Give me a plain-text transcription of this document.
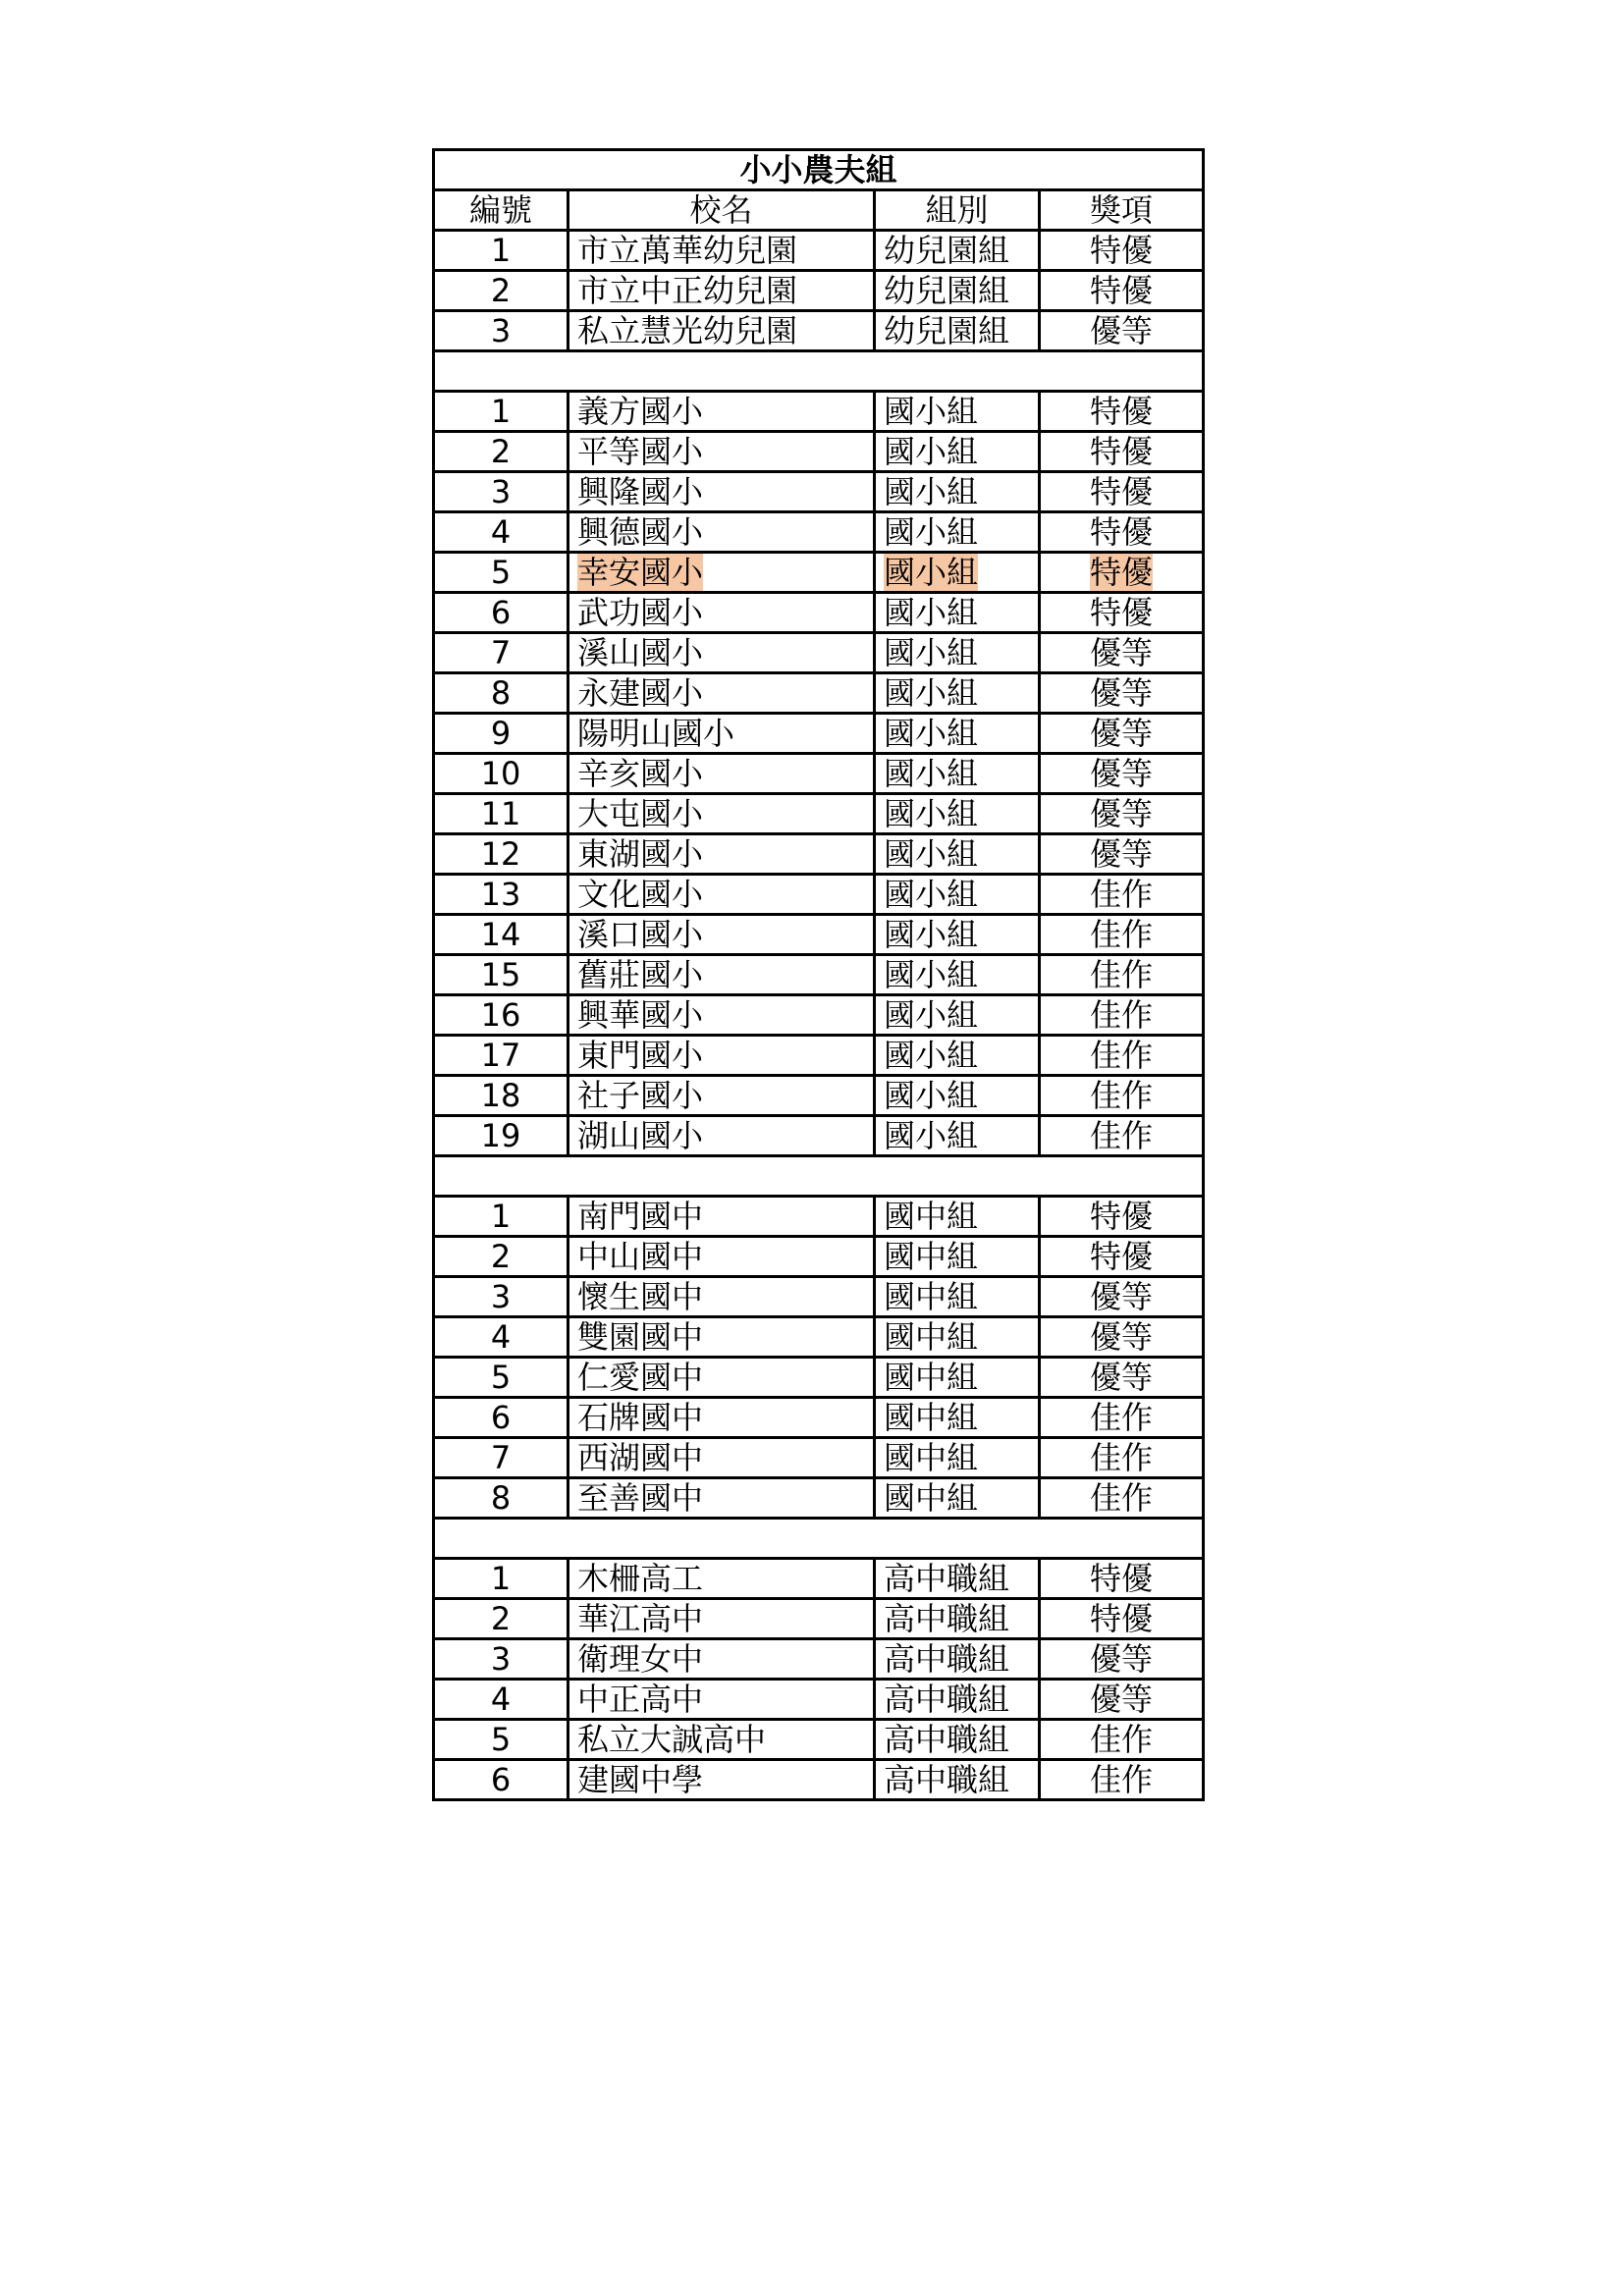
小小農夫組			
編號	校名	組別	獎項
1	市立萬華幼兒園	幼兒園組	特優
2	市立中正幼兒園	幼兒園組	特優
3	私立慧光幼兒園	幼兒園組	優等

1	義方國小	國小組	特優
2	平等國小	國小組	特優
3	興隆國小	國小組	特優
4	興德國小	國小組	特優
5	幸安國小	國小組	特優
6	武功國小	國小組	特優
7	溪山國小	國小組	優等
8	永建國小	國小組	優等
9	陽明山國小	國小組	優等
10	辛亥國小	國小組	優等
11	大屯國小	國小組	優等
12	東湖國小	國小組	優等
13	文化國小	國小組	佳作
14	溪口國小	國小組	佳作
15	舊莊國小	國小組	佳作
16	興華國小	國小組	佳作
17	東門國小	國小組	佳作
18	社子國小	國小組	佳作
19	湖山國小	國小組	佳作

1	南門國中	國中組	特優
2	中山國中	國中組	特優
3	懷生國中	國中組	優等
4	雙園國中	國中組	優等
5	仁愛國中	國中組	優等
6	石牌國中	國中組	佳作
7	西湖國中	國中組	佳作
8	至善國中	國中組	佳作

1	木柵高工	高中職組	特優
2	華江高中	高中職組	特優
3	衛理女中	高中職組	優等
4	中正高中	高中職組	優等
5	私立大誠高中	高中職組	佳作
6	建國中學	高中職組	佳作
